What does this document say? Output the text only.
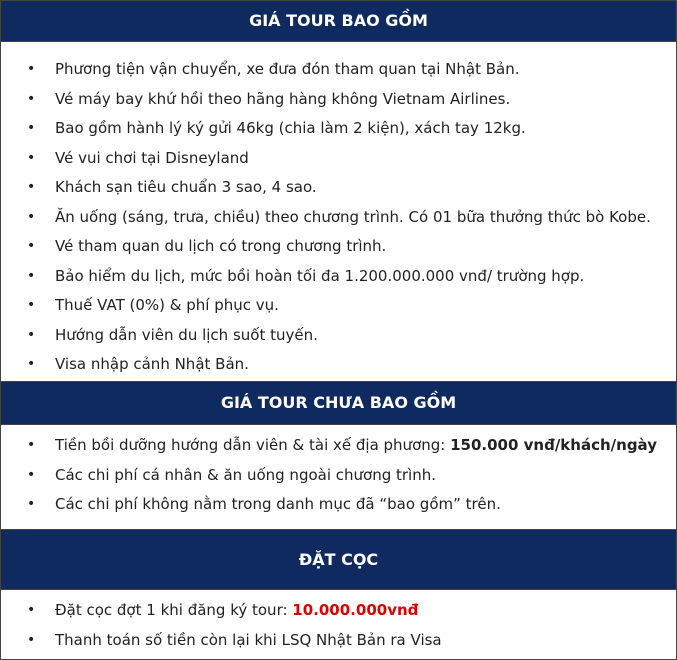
GIÁ TOUR BAO GỒM
• Phương tiện vận chuyển, xe đưa đón tham quan tại Nhật Bản.
• Vé máy bay khứ hồi theo hãng hàng không Vietnam Airlines.
• Bao gồm hành lý ký gửi 46kg (chia làm 2 kiện), xách tay 12kg.
• Vé vui chơi tại Disneyland
• Khách sạn tiêu chuẩn 3 sao, 4 sao.
• Ăn uống (sáng, trưa, chiều) theo chương trình. Có 01 bữa thưởng thức bò Kobe.
• Vé tham quan du lịch có trong chương trình.
• Bảo hiểm du lịch, mức bồi hoàn tối đa 1.200.000.000 vnđ/ trường hợp.
• Thuế VAT (0%) & phí phục vụ.
• Hướng dẫn viên du lịch suốt tuyến.
• Visa nhập cảnh Nhật Bản.
GIÁ TOUR CHƯA BAO GỒM
• Tiền bồi dưỡng hướng dẫn viên & tài xế địa phương: 150.000 vnđ/khách/ngày
• Các chi phí cá nhân & ăn uống ngoài chương trình.
• Các chi phí không nằm trong danh mục đã “bao gồm” trên.
ĐẶT CỌC
• Đặt cọc đợt 1 khi đăng ký tour: 10.000.000vnđ
• Thanh toán số tiền còn lại khi LSQ Nhật Bản ra Visa
